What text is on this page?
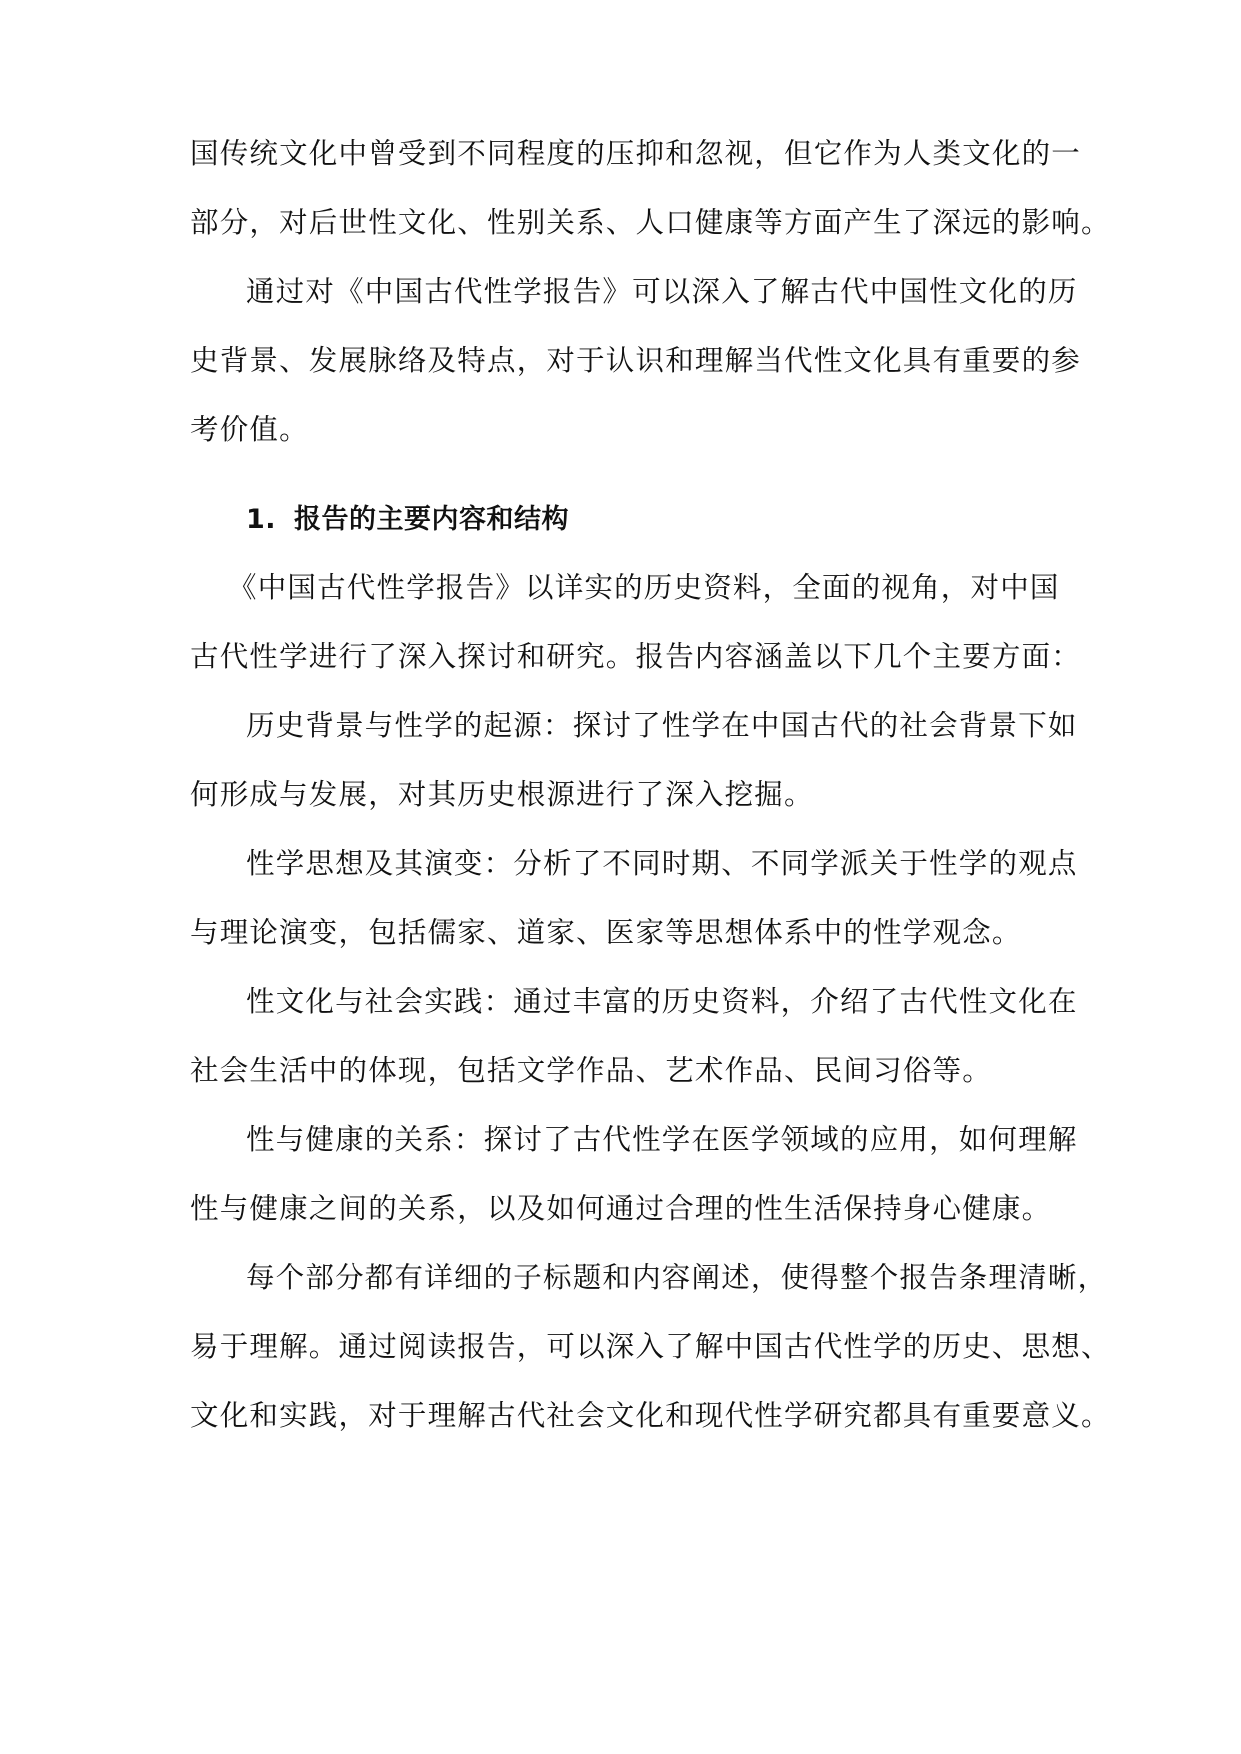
国传统文化中曾受到不同程度的压抑和忽视，但它作为人类文化的一
部分，对后世性文化、性别关系、人口健康等方面产生了深远的影响。
通过对《中国古代性学报告》可以深入了解古代中国性文化的历
史背景、发展脉络及特点，对于认识和理解当代性文化具有重要的参
考价值。
1. 报告的主要内容和结构
《中国古代性学报告》以详实的历史资料，全面的视角，对中国
古代性学进行了深入探讨和研究。报告内容涵盖以下几个主要方面：
历史背景与性学的起源：探讨了性学在中国古代的社会背景下如
何形成与发展，对其历史根源进行了深入挖掘。
性学思想及其演变：分析了不同时期、不同学派关于性学的观点
与理论演变，包括儒家、道家、医家等思想体系中的性学观念。
性文化与社会实践：通过丰富的历史资料，介绍了古代性文化在
社会生活中的体现，包括文学作品、艺术作品、民间习俗等。
性与健康的关系：探讨了古代性学在医学领域的应用，如何理解
性与健康之间的关系，以及如何通过合理的性生活保持身心健康。
每个部分都有详细的子标题和内容阐述，使得整个报告条理清晰，
易于理解。通过阅读报告，可以深入了解中国古代性学的历史、思想、
文化和实践，对于理解古代社会文化和现代性学研究都具有重要意义。
